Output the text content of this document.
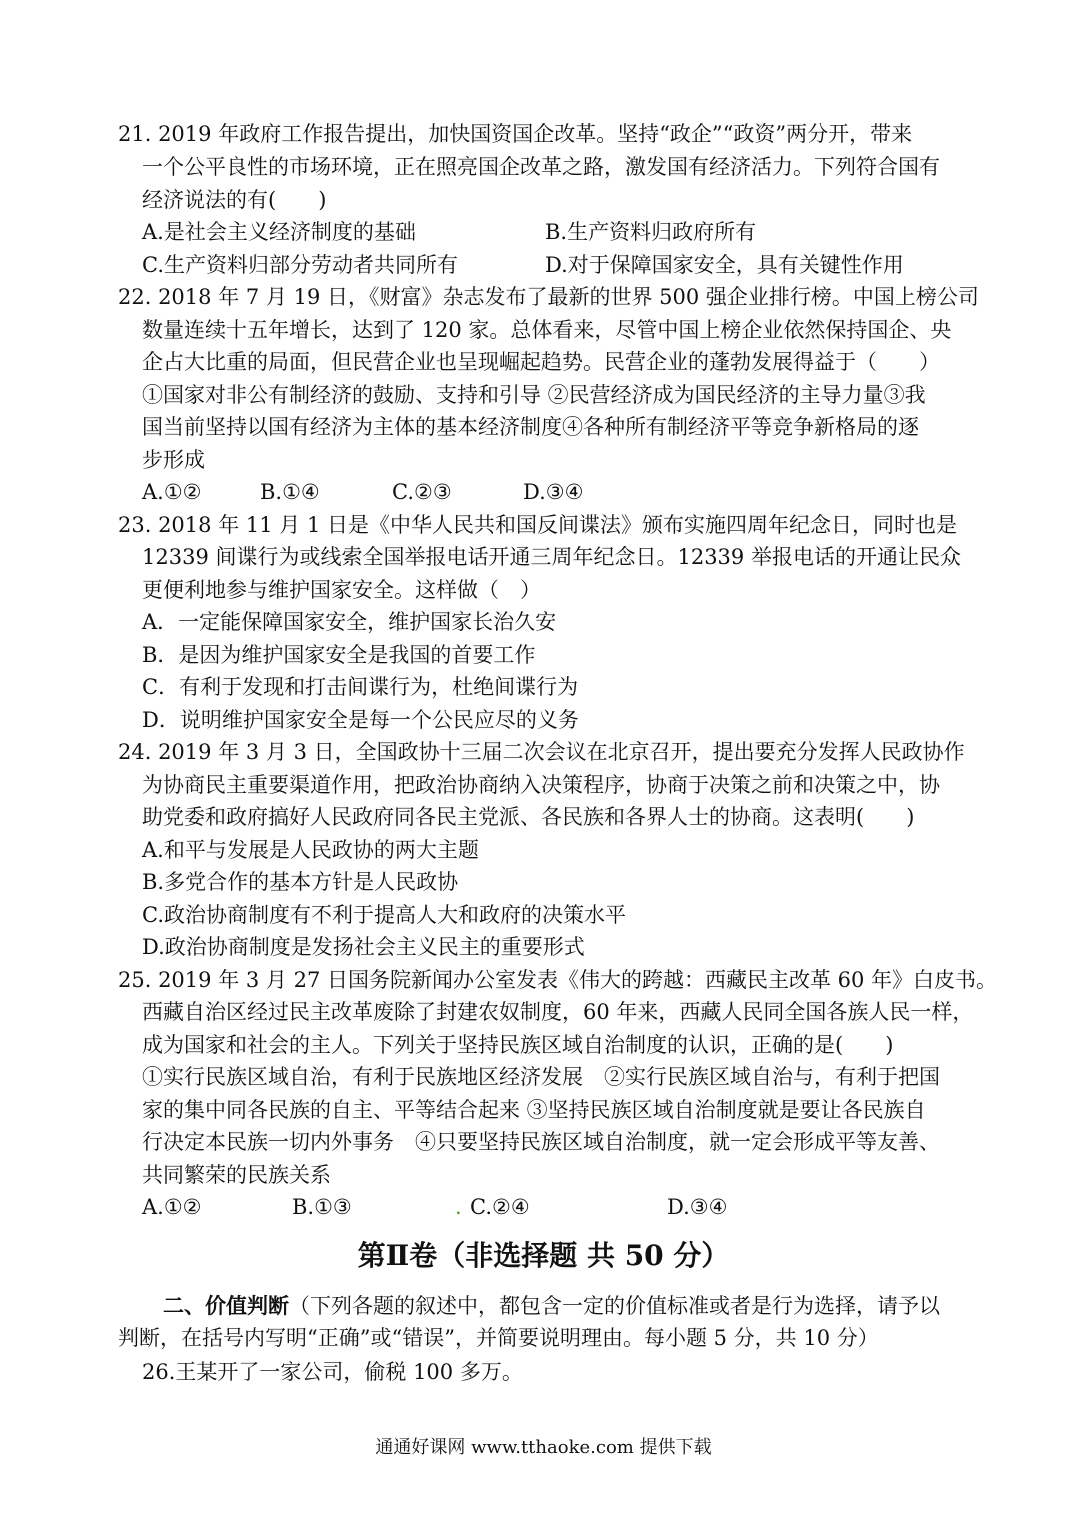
21. 2019 年政府工作报告提出，加快国资国企改革。坚持“政企”“政资”两分开，带来
一个公平良性的市场环境，正在照亮国企改革之路，激发国有经济活力。下列符合国有
经济说法的有(　　)
A.是社会主义经济制度的基础	B.生产资料归政府所有
C.生产资料归部分劳动者共同所有	D.对于保障国家安全，具有关键性作用
22. 2018 年 7 月 19 日，《财富》杂志发布了最新的世界 500 强企业排行榜。中国上榜公司
数量连续十五年增长，达到了 120 家。总体看来，尽管中国上榜企业依然保持国企、央
企占大比重的局面，但民营企业也呈现崛起趋势。民营企业的蓬勃发展得益于（　　）
①国家对非公有制经济的鼓励、支持和引导 ②民营经济成为国民经济的主导力量③我
国当前坚持以国有经济为主体的基本经济制度④各种所有制经济平等竞争新格局的逐
步形成
A.①②	B.①④	C.②③	D.③④
23. 2018 年 11 月 1 日是《中华人民共和国反间谍法》颁布实施四周年纪念日，同时也是
12339 间谍行为或线索全国举报电话开通三周年纪念日。12339 举报电话的开通让民众
更便利地参与维护国家安全。这样做（　）
A．一定能保障国家安全，维护国家长治久安
B．是因为维护国家安全是我国的首要工作
C．有利于发现和打击间谍行为，杜绝间谍行为
D．说明维护国家安全是每一个公民应尽的义务
24. 2019 年 3 月 3 日，全国政协十三届二次会议在北京召开，提出要充分发挥人民政协作
为协商民主重要渠道作用，把政治协商纳入决策程序，协商于决策之前和决策之中，协
助党委和政府搞好人民政府同各民主党派、各民族和各界人士的协商。这表明(　　)
A.和平与发展是人民政协的两大主题
B.多党合作的基本方针是人民政协
C.政治协商制度有不利于提高人大和政府的决策水平
D.政治协商制度是发扬社会主义民主的重要形式
25. 2019 年 3 月 27 日国务院新闻办公室发表《伟大的跨越：西藏民主改革 60 年》白皮书。
西藏自治区经过民主改革废除了封建农奴制度，60 年来，西藏人民同全国各族人民一样，
成为国家和社会的主人。下列关于坚持民族区域自治制度的认识，正确的是(　　)
①实行民族区域自治，有利于民族地区经济发展　②实行民族区域自治与，有利于把国
家的集中同各民族的自主、平等结合起来 ③坚持民族区域自治制度就是要让各民族自
行决定本民族一切内外事务　④只要坚持民族区域自治制度，就一定会形成平等友善、
共同繁荣的民族关系
A.①②	B.①③	. C.②④	D.③④
第Ⅱ卷（非选择题 共 50 分）
二、价值判断（下列各题的叙述中，都包含一定的价值标准或者是行为选择，请予以
判断，在括号内写明“正确”或“错误”，并简要说明理由。每小题 5 分，共 10 分）
26.王某开了一家公司，偷税 100 多万。
通通好课网 www.tthaoke.com 提供下载
